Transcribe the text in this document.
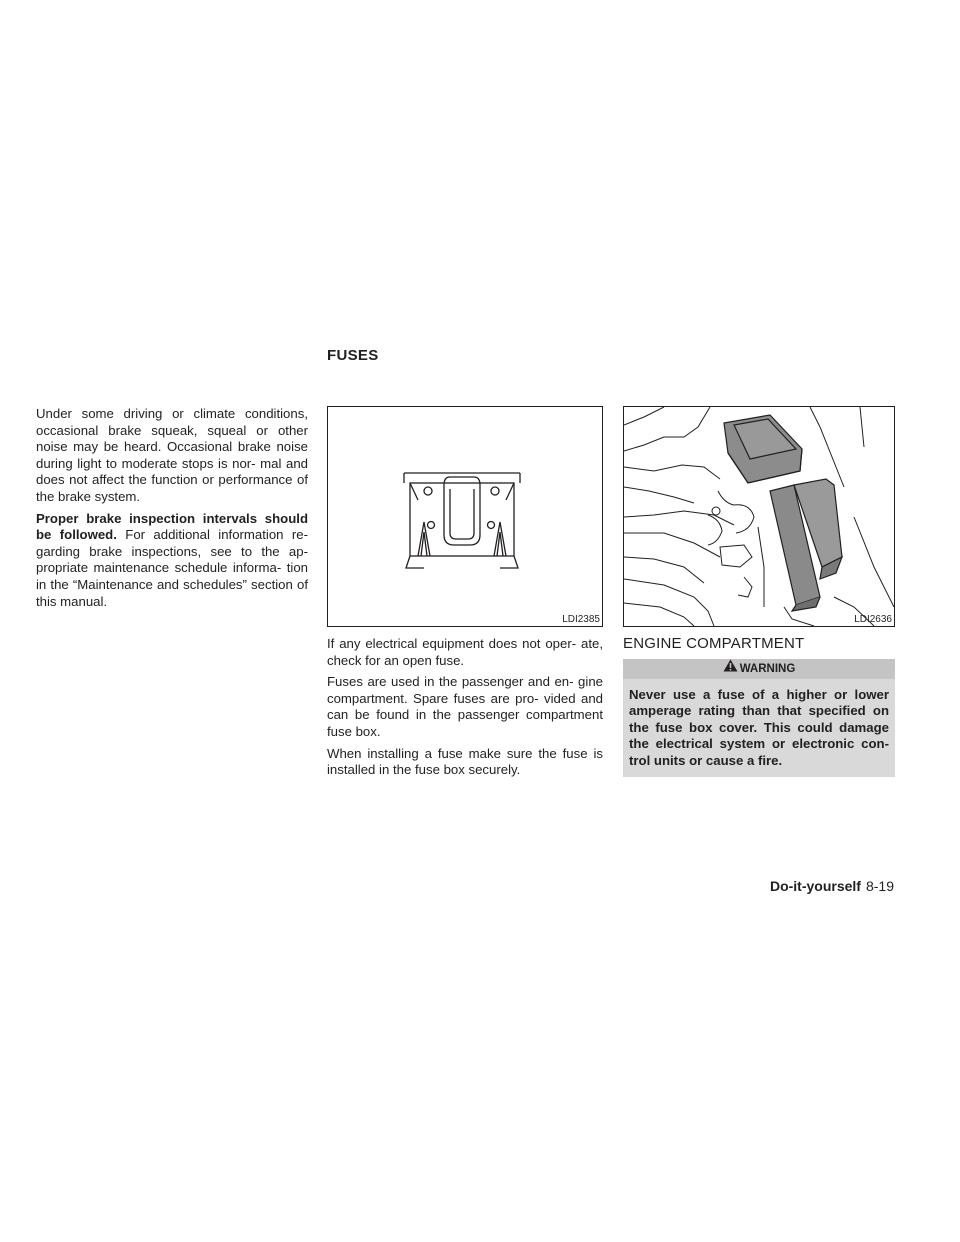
FUSES

Under some driving or climate conditions, occasional brake squeak, squeal or other noise may be heard. Occasional brake noise during light to moderate stops is nor- mal and does not affect the function or performance of the brake system.

Proper brake inspection intervals should be followed. For additional information re- garding brake inspections, see to the ap- propriate maintenance schedule informa- tion in the “Maintenance and schedules” section of this manual.

LDI2385	LDI2636

If any electrical equipment does not oper- ate, check for an open fuse.

Fuses are used in the passenger and en- gine compartment. Spare fuses are pro- vided and can be found in the passenger compartment fuse box.

When installing a fuse make sure the fuse is installed in the fuse box securely.

ENGINE COMPARTMENT
WARNING
Never use a fuse of a higher or lower amperage rating than that specified on the fuse box cover. This could damage the electrical system or electronic con- trol units or cause a fire.
Do-it-yourself 8-19
